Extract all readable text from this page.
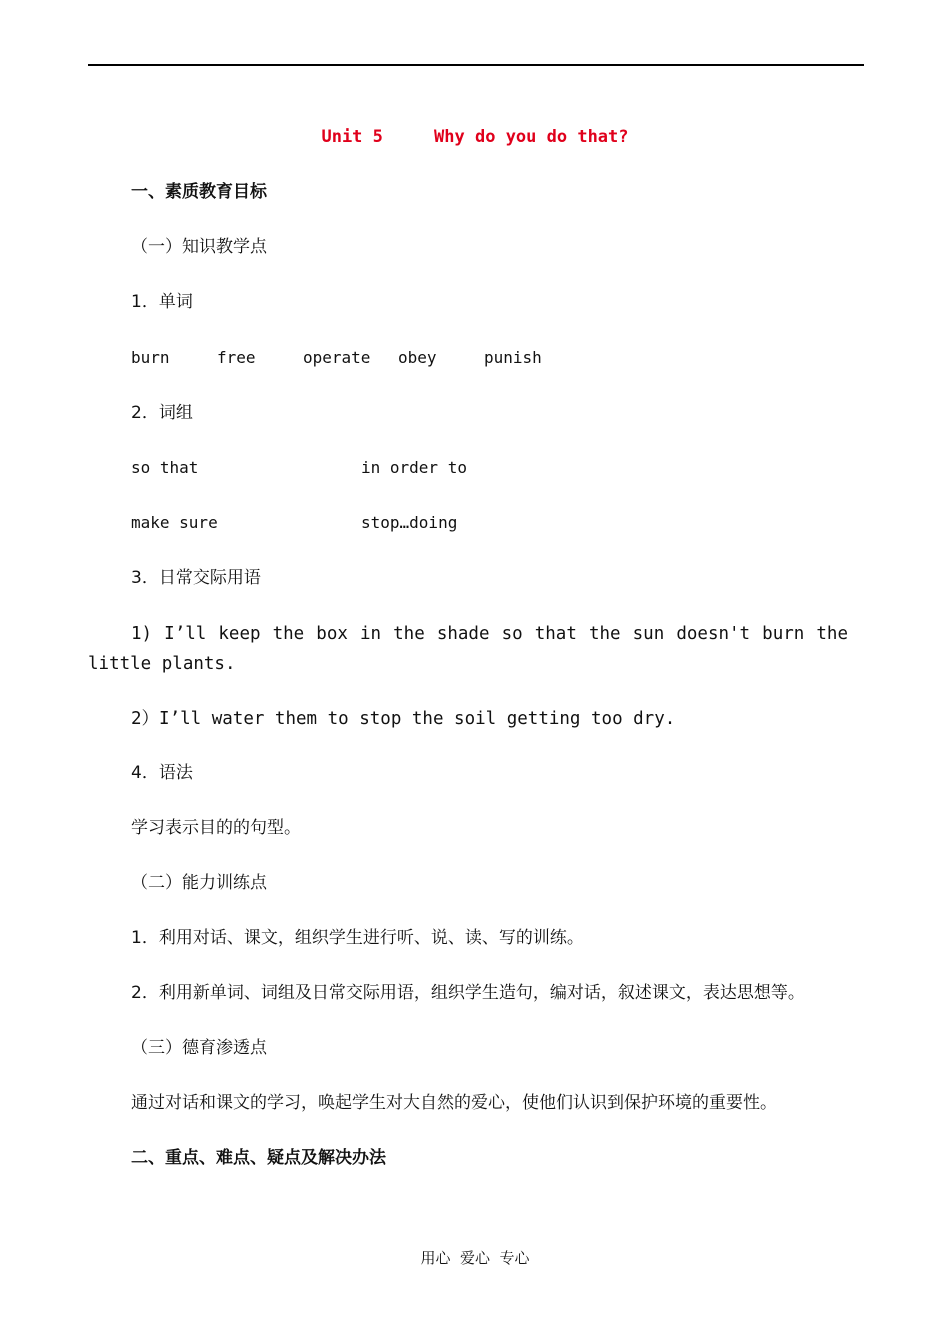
Unit 5     Why do you do that?
一、素质教育目标
（一）知识教学点
1．单词
burn	free	operate obey	punish
2．词组
so that	in order to
make sure	stop…doing
3．日常交际用语
1) I’ll keep the box in the shade so that the sun doesn't burn the little plants.
2）I’ll water them to stop the soil getting too dry.
4．语法
学习表示目的的句型。
（二）能力训练点
1．利用对话、课文，组织学生进行听、说、读、写的训练。
2．利用新单词、词组及日常交际用语，组织学生造句，编对话，叙述课文，表达思想等。
（三）德育渗透点
通过对话和课文的学习，唤起学生对大自然的爱心，使他们认识到保护环境的重要性。
二、重点、难点、疑点及解决办法
用心  爱心  专心
